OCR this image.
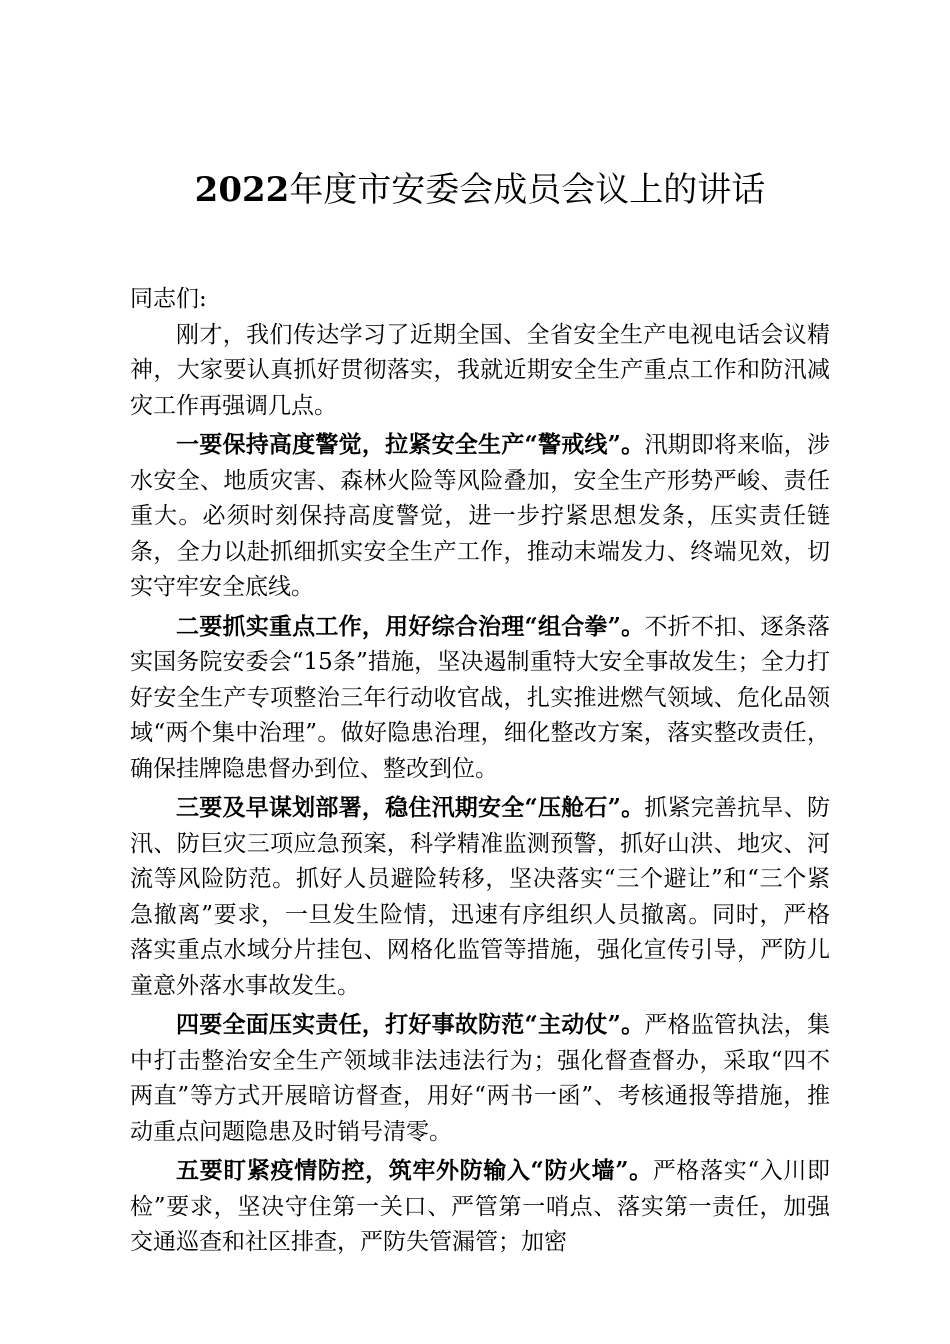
2022年度市安委会成员会议上的讲话

同志们:

刚才，我们传达学习了近期全国、全省安全生产电视电话会议精神，大家要认真抓好贯彻落实，我就近期安全生产重点工作和防汛减灾工作再强调几点。

一要保持高度警觉，拉紧安全生产“警戒线”。汛期即将来临，涉水安全、地质灾害、森林火险等风险叠加，安全生产形势严峻、责任重大。必须时刻保持高度警觉，进一步拧紧思想发条，压实责任链条，全力以赴抓细抓实安全生产工作，推动末端发力、终端见效，切实守牢安全底线。

二要抓实重点工作，用好综合治理“组合拳”。不折不扣、逐条落实国务院安委会“15条”措施，坚决遏制重特大安全事故发生；全力打好安全生产专项整治三年行动收官战，扎实推进燃气领域、危化品领域“两个集中治理”。做好隐患治理，细化整改方案，落实整改责任，确保挂牌隐患督办到位、整改到位。

三要及早谋划部署，稳住汛期安全“压舱石”。抓紧完善抗旱、防汛、防巨灾三项应急预案，科学精准监测预警，抓好山洪、地灾、河流等风险防范。抓好人员避险转移，坚决落实“三个避让”和“三个紧急撤离”要求，一旦发生险情，迅速有序组织人员撤离。同时，严格落实重点水域分片挂包、网格化监管等措施，强化宣传引导，严防儿童意外落水事故发生。

四要全面压实责任，打好事故防范“主动仗”。严格监管执法，集中打击整治安全生产领域非法违法行为；强化督查督办，采取“四不两直”等方式开展暗访督查，用好“两书一函”、考核通报等措施，推动重点问题隐患及时销号清零。

五要盯紧疫情防控，筑牢外防输入“防火墙”。严格落实“入川即检”要求，坚决守住第一关口、严管第一哨点、落实第一责任，加强交通巡查和社区排查，严防失管漏管；加密
